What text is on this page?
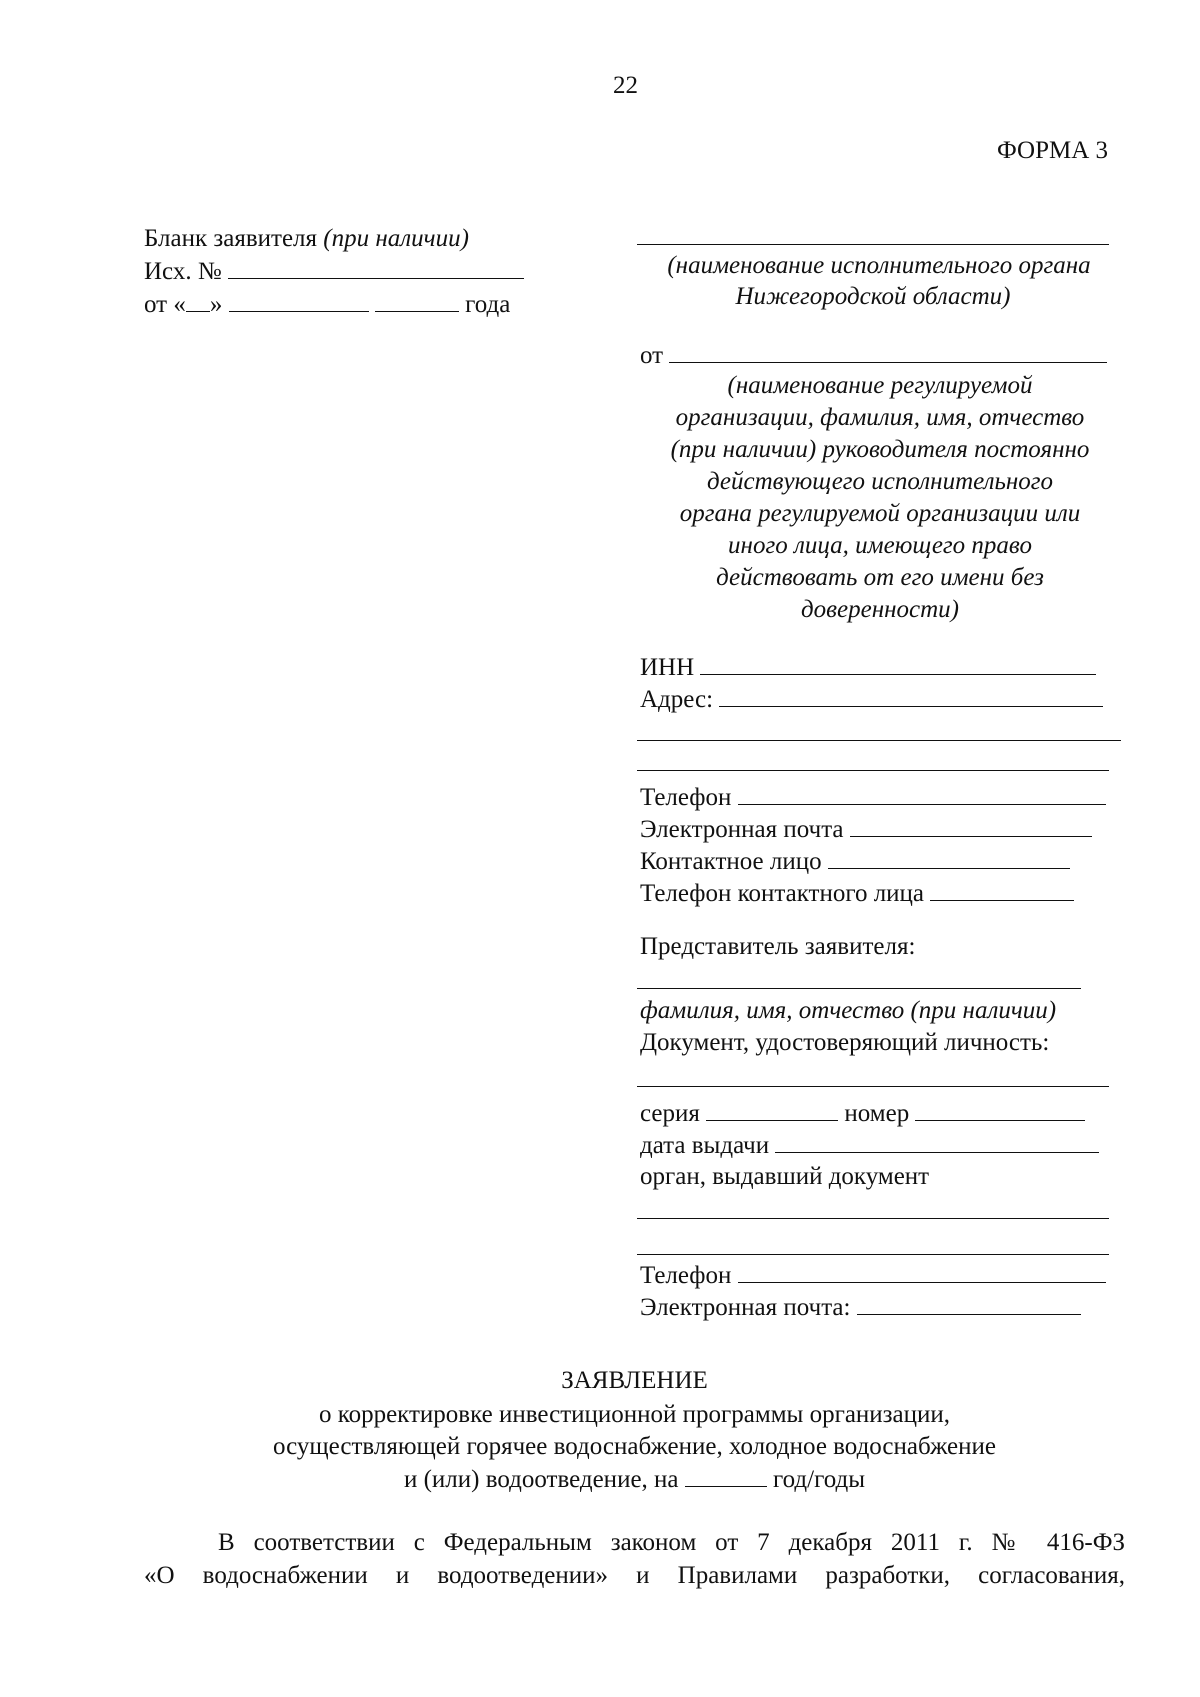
22
ФОРМА 3
Бланк заявителя (при наличии)
Исх. №
от « »	года
(наименование исполнительного органа
Нижегородской области)
от
(наименование регулируемой
организации, фамилия, имя, отчество
(при наличии) руководителя постоянно
действующего исполнительного
органа регулируемой организации или
иного лица, имеющего право
действовать от его имени без
доверенности)
ИНН
Адрес:
Телефон
Электронная почта
Контактное лицо
Телефон контактного лица
Представитель заявителя:
фамилия, имя, отчество (при наличии)
Документ, удостоверяющий личность:
серия	номер
дата выдачи
орган, выдавший документ
Телефон
Электронная почта:
ЗАЯВЛЕНИЕ
о корректировке инвестиционной программы организации,
осуществляющей горячее водоснабжение, холодное водоснабжение
и (или) водоотведение, на	год/годы
В соответствии с Федеральным законом от 7 декабря 2011 г. № 416-ФЗ
«О водоснабжении и водоотведении» и Правилами разработки, согласования,
